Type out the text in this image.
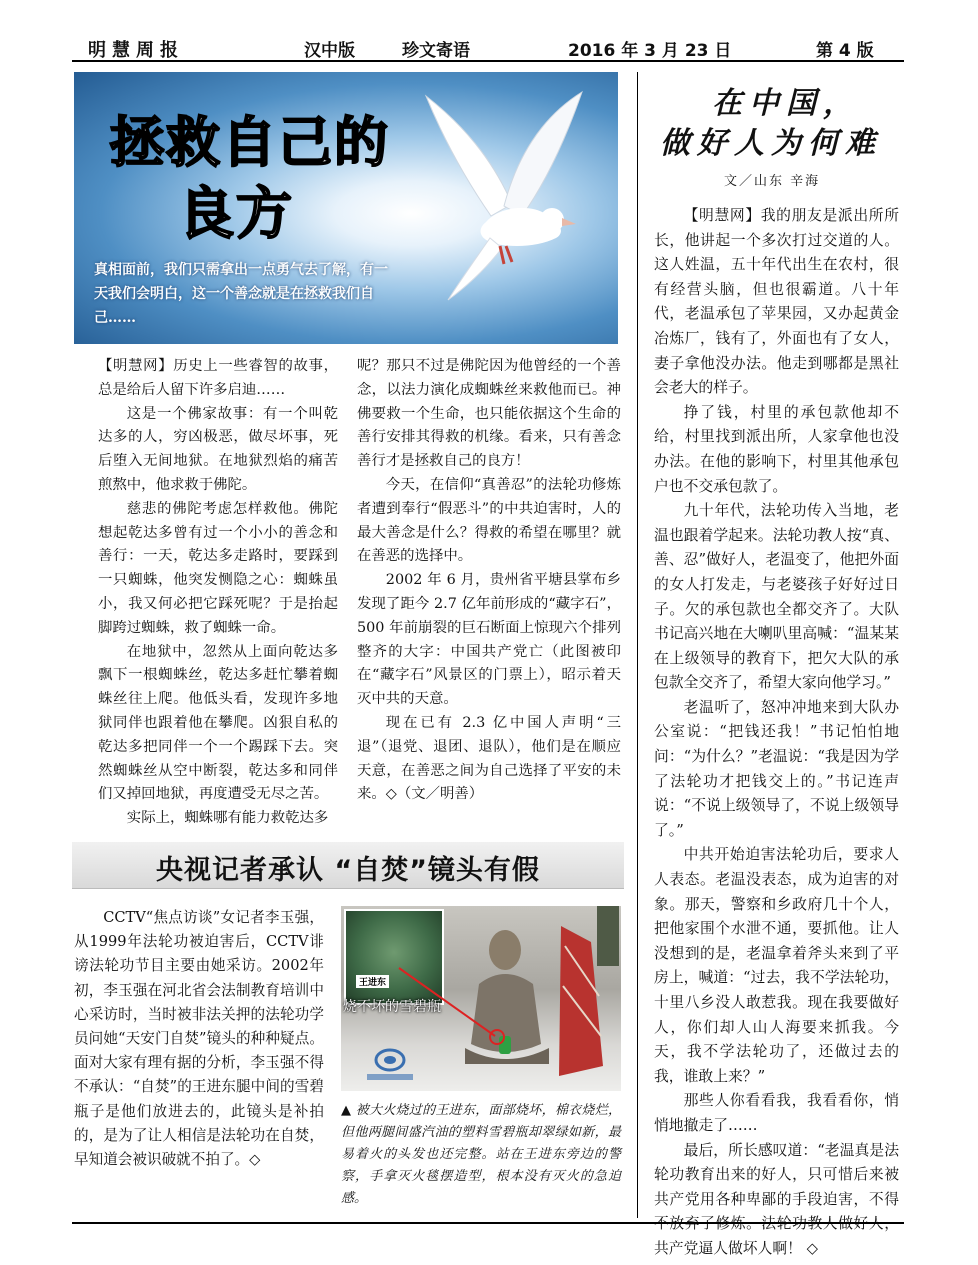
明慧周报	汉中版	珍文寄语	2016 年 3 月 23 日	第 4 版
拯救自己的
良方
真相面前，我们只需拿出一点勇气去了解，有一天我们会明白，这一个善念就是在拯救我们自己……

【明慧网】历史上一些睿智的故事，总是给后人留下许多启迪……

这是一个佛家故事：有一个叫乾达多的人，穷凶极恶，做尽坏事，死后堕入无间地狱。在地狱烈焰的痛苦煎熬中，他求救于佛陀。

慈悲的佛陀考虑怎样救他。佛陀想起乾达多曾有过一个小小的善念和善行：一天，乾达多走路时，要踩到一只蜘蛛，他突发恻隐之心：蜘蛛虽小，我又何必把它踩死呢？于是抬起脚跨过蜘蛛，救了蜘蛛一命。

在地狱中，忽然从上面向乾达多飘下一根蜘蛛丝，乾达多赶忙攀着蜘蛛丝往上爬。他低头看，发现许多地狱同伴也跟着他在攀爬。凶狠自私的乾达多把同伴一个一个踢踩下去。突然蜘蛛丝从空中断裂，乾达多和同伴们又掉回地狱，再度遭受无尽之苦。

实际上，蜘蛛哪有能力救乾达多

呢？那只不过是佛陀因为他曾经的一个善念，以法力演化成蜘蛛丝来救他而已。神佛要救一个生命，也只能依据这个生命的善行安排其得救的机缘。看来，只有善念善行才是拯救自己的良方！

今天，在信仰“真善忍”的法轮功修炼者遭到奉行“假恶斗”的中共迫害时，人的最大善念是什么？得救的希望在哪里？就在善恶的选择中。

2002 年 6 月，贵州省平塘县掌布乡发现了距今 2.7 亿年前形成的“藏字石”，500 年前崩裂的巨石断面上惊现六个排列整齐的大字：中国共产党亡（此图被印在“藏字石”风景区的门票上），昭示着天灭中共的天意。

现在已有 2.3 亿中国人声明“三退”（退党、退团、退队），他们是在顺应天意，在善恶之间为自己选择了平安的未来。◇（文／明善）

央视记者承认 “自焚”镜头有假

CCTV“焦点访谈”女记者李玉强，从1999年法轮功被迫害后，CCTV诽谤法轮功节目主要由她采访。2002年初，李玉强在河北省会法制教育培训中心采访时，当时被非法关押的法轮功学员问她“天安门自焚”镜头的种种疑点。面对大家有理有据的分析，李玉强不得不承认：“自焚”的王进东腿中间的雪碧瓶子是他们放进去的，此镜头是补拍的，是为了让人相信是法轮功在自焚，早知道会被识破就不拍了。◇

王进东
烧不坏的雪碧瓶

▲ 被大火烧过的王进东，面部烧坏，棉衣烧烂，但他两腿间盛汽油的塑料雪碧瓶却翠绿如新，最易着火的头发也还完整。站在王进东旁边的警察，手拿灭火毯摆造型，根本没有灭火的急迫感。

在中国，
做好人为何难
文／山东 辛海

【明慧网】我的朋友是派出所所长，他讲起一个多次打过交道的人。这人姓温，五十年代出生在农村，很有经营头脑，但也很霸道。八十年代，老温承包了苹果园，又办起黄金冶炼厂，钱有了，外面也有了女人，妻子拿他没办法。他走到哪都是黑社会老大的样子。

挣了钱，村里的承包款他却不给，村里找到派出所，人家拿他也没办法。在他的影响下，村里其他承包户也不交承包款了。

九十年代，法轮功传入当地，老温也跟着学起来。法轮功教人按“真、善、忍”做好人，老温变了，他把外面的女人打发走，与老婆孩子好好过日子。欠的承包款也全都交齐了。大队书记高兴地在大喇叭里高喊：“温某某在上级领导的教育下，把欠大队的承包款全交齐了，希望大家向他学习。”

老温听了，怒冲冲地来到大队办公室说：“把钱还我！”书记怕怕地问：“为什么？”老温说：“我是因为学了法轮功才把钱交上的。”书记连声说：“不说上级领导了，不说上级领导了。”

中共开始迫害法轮功后，要求人人表态。老温没表态，成为迫害的对象。那天，警察和乡政府几十个人，把他家围个水泄不通，要抓他。让人没想到的是，老温拿着斧头来到了平房上，喊道：“过去，我不学法轮功，十里八乡没人敢惹我。现在我要做好人，你们却人山人海要来抓我。今天，我不学法轮功了，还做过去的我，谁敢上来？”

那些人你看看我，我看看你，悄悄地撤走了……

最后，所长感叹道：“老温真是法轮功教育出来的好人，只可惜后来被共产党用各种卑鄙的手段迫害，不得不放弃了修炼。法轮功教人做好人，共产党逼人做坏人啊！ ◇
